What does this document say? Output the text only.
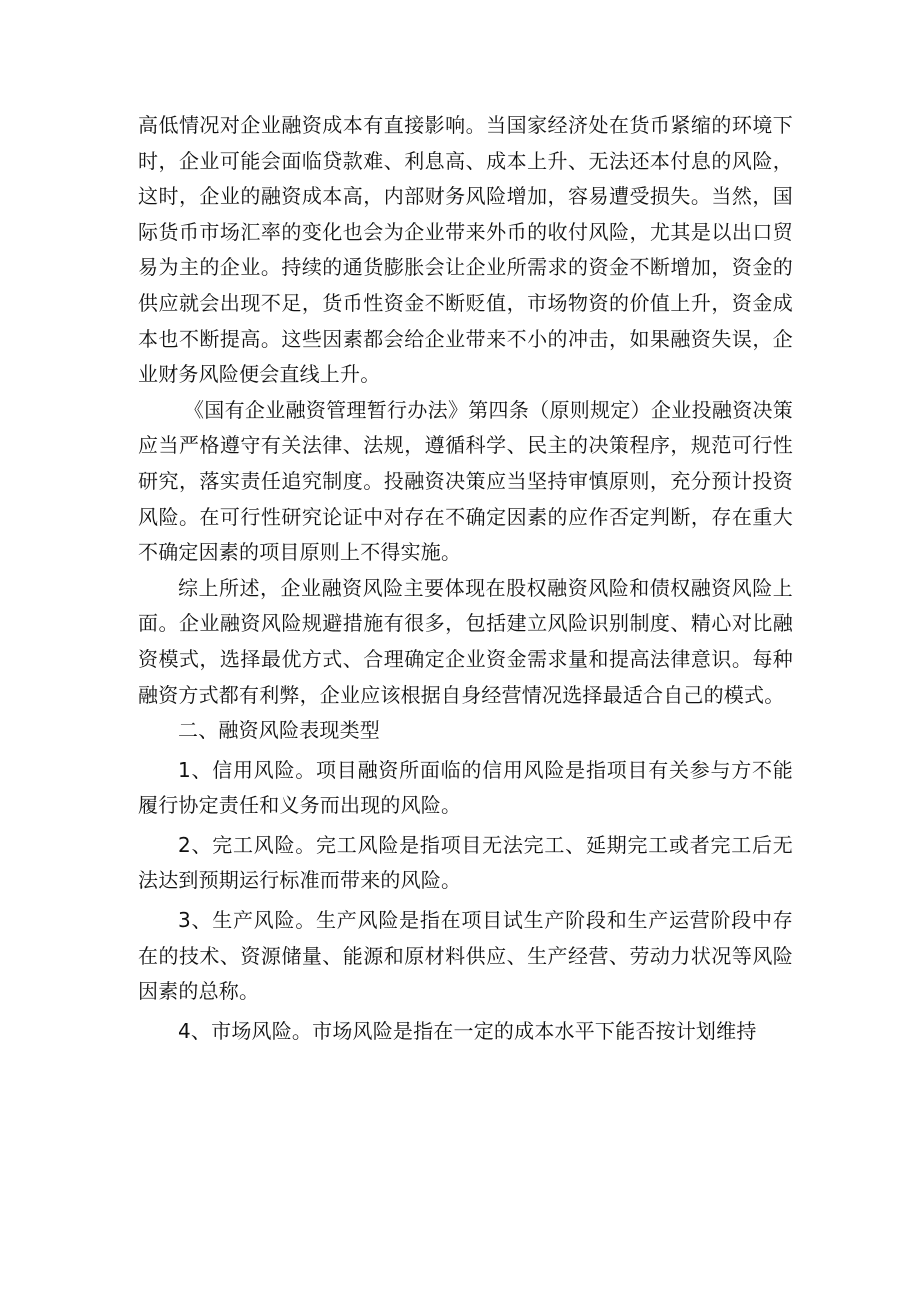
高低情况对企业融资成本有直接影响。当国家经济处在货币紧缩的环境下时，企业可能会面临贷款难、利息高、成本上升、无法还本付息的风险，这时，企业的融资成本高，内部财务风险增加，容易遭受损失。当然，国际货币市场汇率的变化也会为企业带来外币的收付风险，尤其是以出口贸易为主的企业。持续的通货膨胀会让企业所需求的资金不断增加，资金的供应就会出现不足，货币性资金不断贬值，市场物资的价值上升，资金成本也不断提高。这些因素都会给企业带来不小的冲击，如果融资失误，企业财务风险便会直线上升。

《国有企业融资管理暂行办法》第四条（原则规定）企业投融资决策应当严格遵守有关法律、法规，遵循科学、民主的决策程序，规范可行性研究，落实责任追究制度。投融资决策应当坚持审慎原则，充分预计投资风险。在可行性研究论证中对存在不确定因素的应作否定判断，存在重大不确定因素的项目原则上不得实施。

综上所述，企业融资风险主要体现在股权融资风险和债权融资风险上面。企业融资风险规避措施有很多，包括建立风险识别制度、精心对比融资模式，选择最优方式、合理确定企业资金需求量和提高法律意识。每种融资方式都有利弊，企业应该根据自身经营情况选择最适合自己的模式。

二、融资风险表现类型

1、信用风险。项目融资所面临的信用风险是指项目有关参与方不能履行协定责任和义务而出现的风险。

2、完工风险。完工风险是指项目无法完工、延期完工或者完工后无法达到预期运行标准而带来的风险。

3、生产风险。生产风险是指在项目试生产阶段和生产运营阶段中存在的技术、资源储量、能源和原材料供应、生产经营、劳动力状况等风险因素的总称。

4、市场风险。市场风险是指在一定的成本水平下能否按计划维持
